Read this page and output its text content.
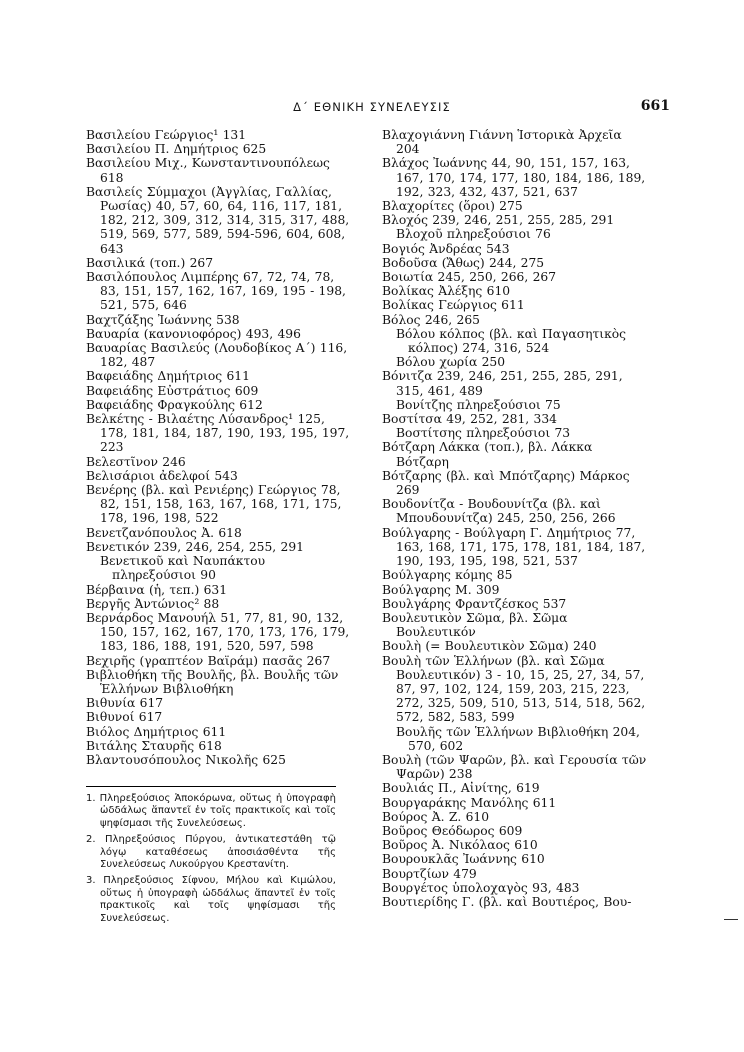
Δ΄ ΕΘΝΙΚΗ ΣΥΝΕΛΕΥΣΙΣ	661
Βασιλείου Γεώργιος¹ 131
Βασιλείου Π. Δημήτριος 625
Βασιλείου Μιχ., Κωνσταντινουπόλεως 618
Βασιλείς Σύμμαχοι (Ἀγγλίας, Γαλλίας, Ρωσίας) 40, 57, 60, 64, 116, 117, 181, 182, 212, 309, 312, 314, 315, 317, 488, 519, 569, 577, 589, 594-596, 604, 608, 643
Βασιλικά (τοπ.) 267
Βασιλόπουλος Λιμπέρης 67, 72, 74, 78, 83, 151, 157, 162, 167, 169, 195 - 198, 521, 575, 646
Βαχτζάξης Ἰωάννης 538
Βαυαρία (κανονιοφόρος) 493, 496
Βαυαρίας Βασιλεύς (Λουδοβίκος Α΄) 116, 182, 487
Βαφειάδης Δημήτριος 611
Βαφειάδης Εὐστράτιος 609
Βαφειάδης Φραγκούλης 612
Βελκέτης - Βιλαέτης Λύσανδρος¹ 125, 178, 181, 184, 187, 190, 193, 195, 197, 223
Βελεστῖνον 246
Βελισάριοι ἀδελφοί 543
Βενέρης (βλ. καὶ Ρενιέρης) Γεώργιος 78, 82, 151, 158, 163, 167, 168, 171, 175, 178, 196, 198, 522
Βενετζανόπουλος Ἀ. 618
Βενετικόν 239, 246, 254, 255, 291
Βενετικοῦ καὶ Ναυπάκτου πληρεξούσιοι 90
Βέρβαινα (ἡ, τεπ.) 631
Βεργῆς Ἀντώνιος² 88
Βερνάρδος Μανουήλ 51, 77, 81, 90, 132, 150, 157, 162, 167, 170, 173, 176, 179, 183, 186, 188, 191, 520, 597, 598
Βεχιρῆς (γραπτέον Βαϊράμ) πασᾶς 267
Βιβλιοθήκη τῆς Βουλῆς, βλ. Βουλῆς τῶν Ἑλλήνων Βιβλιοθήκη
Βιθυνία 617
Βιθυνοί 617
Βιόλος Δημήτριος 611
Βιτάλης Σταυρῆς 618
Βλαντουσόπουλος Νικολῆς 625
1. Πληρεξούσιος Ἀποκόρωνα, οὕτως ἡ ὑπογραφὴ ὠδδάλως ἅπαντεῖ ἐν τοῖς πρακτικοῖς καὶ τοῖς ψηφίσμασι τῆς Συνελεύσεως.
2. Πληρεξούσιος Πύργου, ἀντικατεστάθη τῷ λόγῳ καταθέσεως ἀποσιάσθέντα τῆς Συνελεύσεως Λυκούργου Κρεστανίτη.
3. Πληρεξούσιος Σίφνου, Μήλου καὶ Κιμώλου, οὕτως ἡ ὑπογραφὴ ὠδδάλως ἅπαντεῖ ἐν τοῖς πρακτικοῖς καὶ τοῖς ψηφίσμασι τῆς Συνελεύσεως.
Βλαχογιάννη Γιάννη Ἱστορικὰ Ἀρχεῖα 204
Βλάχος Ἰωάννης 44, 90, 151, 157, 163, 167, 170, 174, 177, 180, 184, 186, 189, 192, 323, 432, 437, 521, 637
Βλαχορίτες (ὅροι) 275
Βλοχός 239, 246, 251, 255, 285, 291
Βλοχοῦ πληρεξούσιοι 76
Βογιός Ἀνδρέας 543
Βοδοῦσα (Ἄθως) 244, 275
Βοιωτία 245, 250, 266, 267
Βολίκας Ἀλέξης 610
Βολίκας Γεώργιος 611
Βόλος 246, 265
Βόλου κόλπος (βλ. καὶ Παγασητικὸς κόλπος) 274, 316, 524
Βόλου χωρία 250
Βόνιτζα 239, 246, 251, 255, 285, 291, 315, 461, 489
Βονίτζης πληρεξούσιοι 75
Βοστίτσα 49, 252, 281, 334
Βοστίτσης πληρεξούσιοι 73
Βότζαρη Λάκκα (τοπ.), βλ. Λάκκα Βότζαρη
Βότζαρης (βλ. καὶ Μπότζαρης) Μάρκος 269
Βουδονίτζα - Βουδουνίτζα (βλ. καὶ Μπουδουνίτζα) 245, 250, 256, 266
Βούλγαρης - Βούλγαρη Γ. Δημήτριος 77, 163, 168, 171, 175, 178, 181, 184, 187, 190, 193, 195, 198, 521, 537
Βούλγαρης κόμης 85
Βούλγαρης Μ. 309
Βουλγάρης Φραντζέσκος 537
Βουλευτικὸν Σῶμα, βλ. Σῶμα Βουλευτικόν
Βουλὴ (= Βουλευτικὸν Σῶμα) 240
Βουλὴ τῶν Ἑλλήνων (βλ. καὶ Σῶμα Βουλευτικόν) 3 - 10, 15, 25, 27, 34, 57, 87, 97, 102, 124, 159, 203, 215, 223, 272, 325, 509, 510, 513, 514, 518, 562, 572, 582, 583, 599
Βουλῆς τῶν Ἑλλήνων Βιβλιοθήκη 204, 570, 602
Βουλὴ (τῶν Ψαρῶν, βλ. καὶ Γερουσία τῶν Ψαρῶν) 238
Βουλιάς Π., Αἰνίτης, 619
Βουργαράκης Μανόλης 611
Βούρος Ἀ. Ζ. 610
Βοῦρος Θεόδωρος 609
Βοῦρος Ἀ. Νικόλαος 610
Βουρουκλᾶς Ἰωάννης 610
Βουρτζίων 479
Βουργέτος ὑπολοχαγὸς 93, 483
Βουτιερίδης Γ. (βλ. καὶ Βουτιέρος, Βου-
